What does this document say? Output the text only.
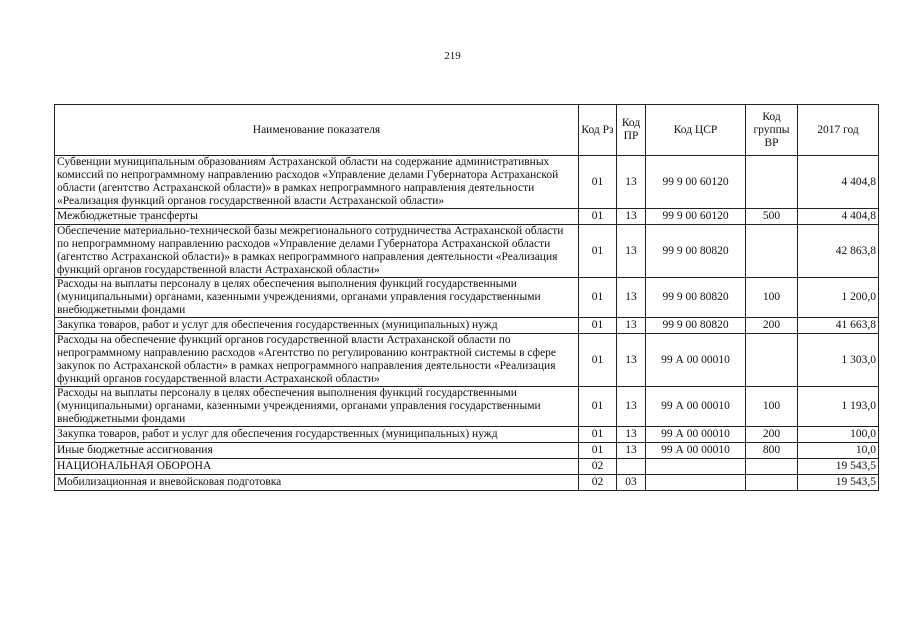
219
Наименование показателя	Код Рз	Код ПР	Код ЦСР	Код группы ВР	2017 год
Субвенции муниципальным образованиям Астраханской области на содержание административных комиссий по непрограммному направлению расходов «Управление делами Губернатора Астраханской области (агентство Астраханской области)» в рамках непрограммного направления деятельности «Реализация функций органов государственной власти Астраханской области»	01	13	99 9 00 60120		4 404,8
Межбюджетные трансферты	01	13	99 9 00 60120	500	4 404,8
Обеспечение материально-технической базы межрегионального сотрудничества Астраханской области по непрограммному направлению расходов «Управление делами Губернатора Астраханской области (агентство Астраханской области)» в рамках непрограммного направления деятельности «Реализация функций органов государственной власти Астраханской области»	01	13	99 9 00 80820		42 863,8
Расходы на выплаты персоналу в целях обеспечения выполнения функций государственными (муниципальными) органами, казенными учреждениями, органами управления государственными внебюджетными фондами	01	13	99 9 00 80820	100	1 200,0
Закупка товаров, работ и услуг для обеспечения государственных (муниципальных) нужд	01	13	99 9 00 80820	200	41 663,8
Расходы на обеспечение функций органов государственной власти Астраханской области по непрограммному направлению расходов «Агентство по регулированию контрактной системы в сфере закупок по Астраханской области» в рамках непрограммного направления деятельности «Реализация функций органов государственной власти Астраханской области»	01	13	99 А 00 00010		1 303,0
Расходы на выплаты персоналу в целях обеспечения выполнения функций государственными (муниципальными) органами, казенными учреждениями, органами управления государственными внебюджетными фондами	01	13	99 А 00 00010	100	1 193,0
Закупка товаров, работ и услуг для обеспечения государственных (муниципальных) нужд	01	13	99 А 00 00010	200	100,0
Иные бюджетные ассигнования	01	13	99 А 00 00010	800	10,0
НАЦИОНАЛЬНАЯ ОБОРОНА	02				19 543,5
Мобилизационная и вневойсковая подготовка	02	03			19 543,5
